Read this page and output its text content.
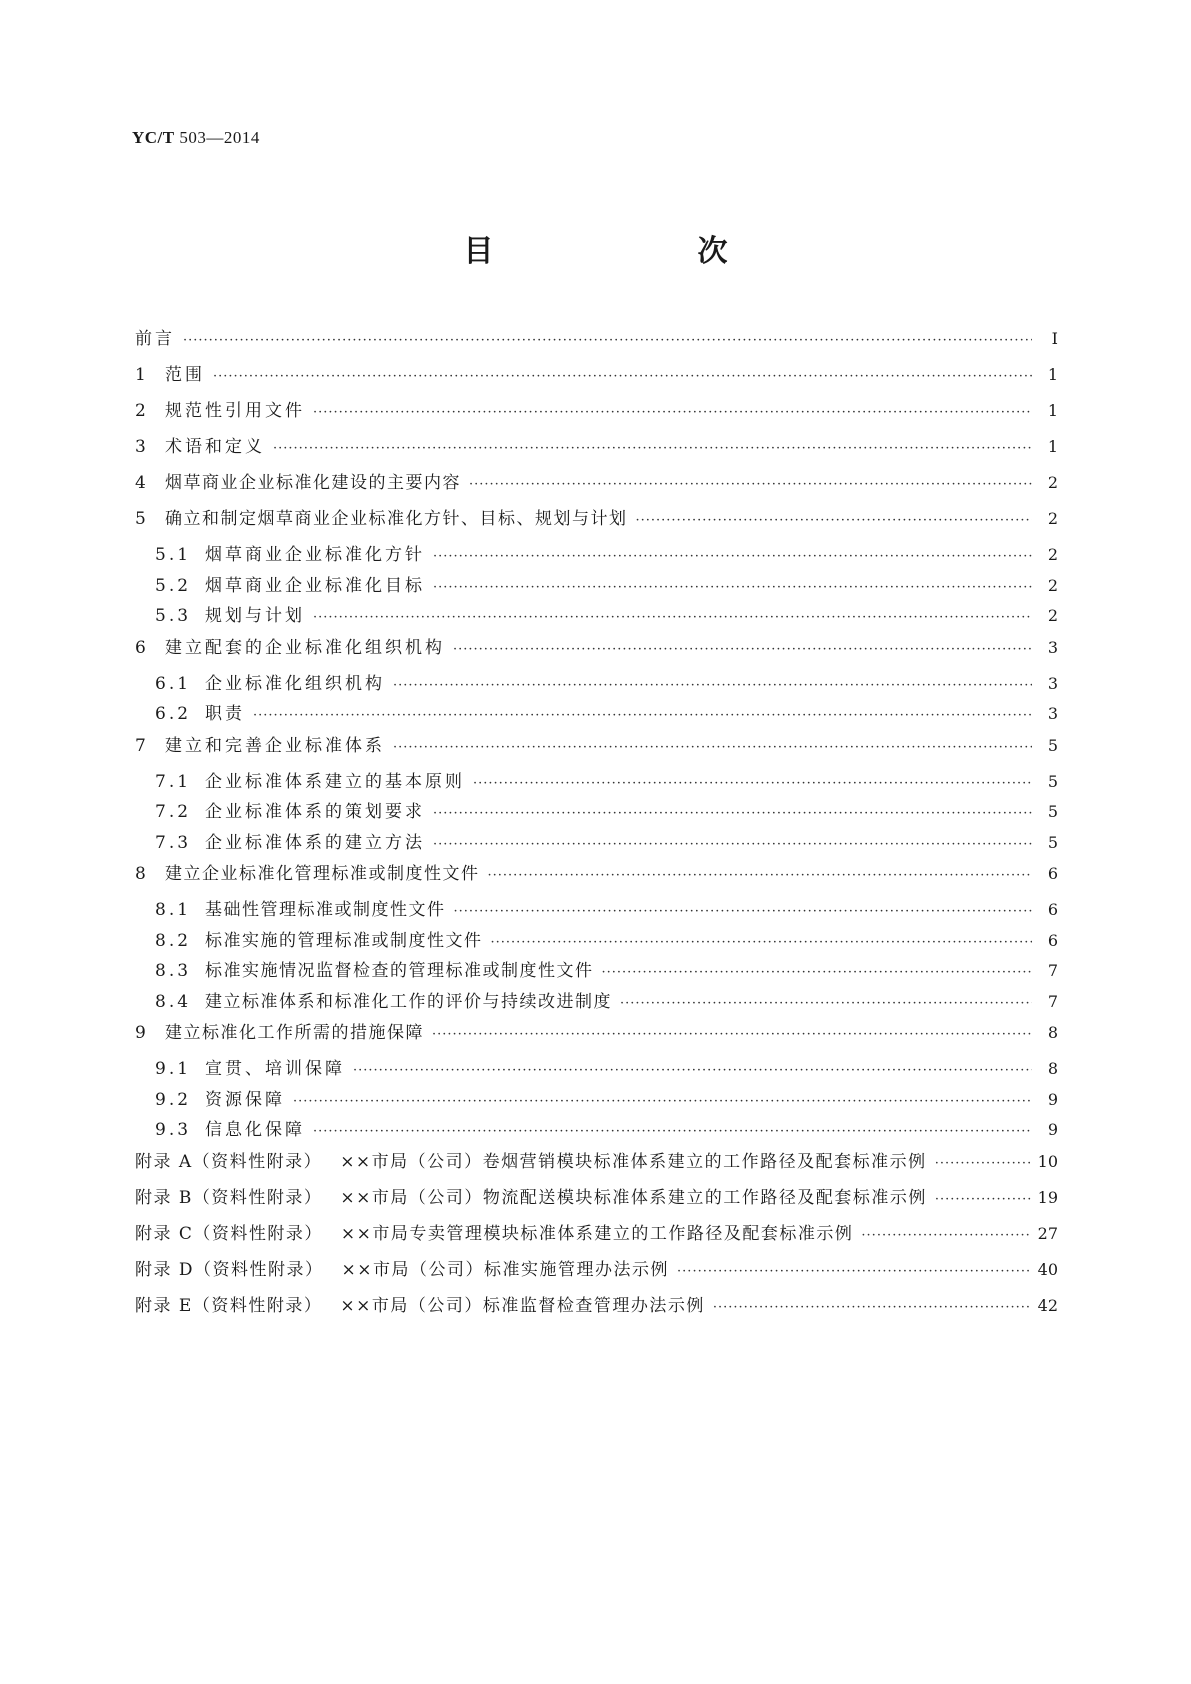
YC/T 503—2014
目　　次
前言 ·····	Ⅰ
1	范围 ·····	1
2	规范性引用文件 ·····	1
3	术语和定义 ·····	1
4	烟草商业企业标准化建设的主要内容 ·····	2
5	确立和制定烟草商业企业标准化方针、目标、规划与计划 ·····	2
5.1 烟草商业企业标准化方针 ·····	2
5.2 烟草商业企业标准化目标 ·····	2
5.3 规划与计划 ·····	2
6	建立配套的企业标准化组织机构 ·····	3
6.1 企业标准化组织机构 ·····	3
6.2 职责 ·····	3
7	建立和完善企业标准体系 ·····	5
7.1 企业标准体系建立的基本原则 ·····	5
7.2 企业标准体系的策划要求 ·····	5
7.3 企业标准体系的建立方法 ·····	5
8	建立企业标准化管理标准或制度性文件 ·····	6
8.1 基础性管理标准或制度性文件 ·····	6
8.2 标准实施的管理标准或制度性文件 ·····	6
8.3 标准实施情况监督检查的管理标准或制度性文件 ·····	7
8.4 建立标准体系和标准化工作的评价与持续改进制度 ·····	7
9	建立标准化工作所需的措施保障 ·····	8
9.1 宣贯、培训保障 ·····	8
9.2 资源保障 ·····	9
9.3 信息化保障 ·····	9
附录 A（资料性附录） ××市局（公司）卷烟营销模块标准体系建立的工作路径及配套标准示例 ·····	10
附录 B（资料性附录） ××市局（公司）物流配送模块标准体系建立的工作路径及配套标准示例 ·····	19
附录 C（资料性附录） ××市局专卖管理模块标准体系建立的工作路径及配套标准示例 ·····	27
附录 D（资料性附录） ××市局（公司）标准实施管理办法示例 ·····	40
附录 E（资料性附录） ××市局（公司）标准监督检查管理办法示例 ·····	42
